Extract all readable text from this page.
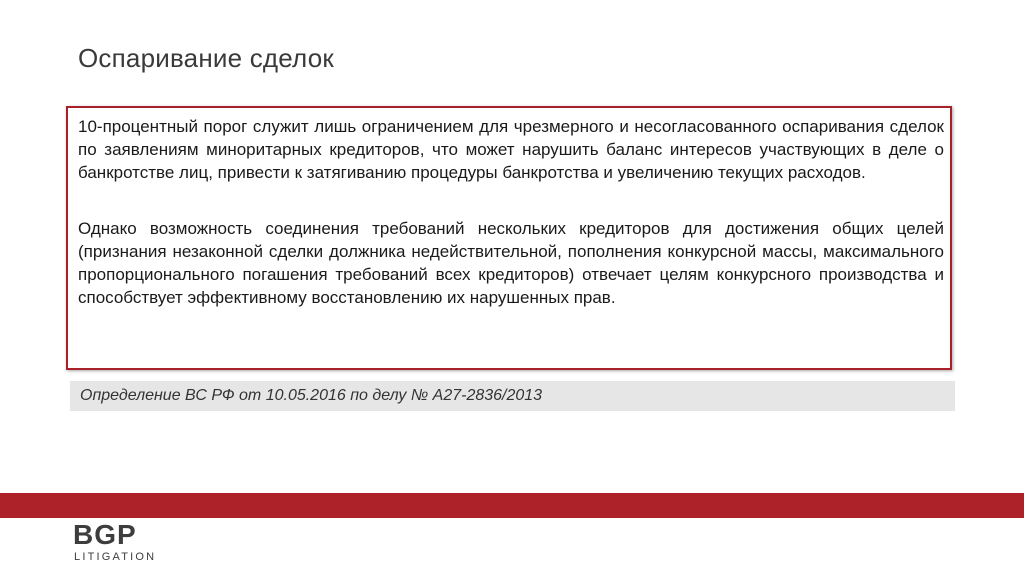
Оспаривание сделок

10-процентный порог служит лишь ограничением для чрезмерного и несогласованного оспаривания сделок по заявлениям миноритарных кредиторов, что может нарушить баланс интересов участвующих в деле о банкротстве лиц, привести к затягиванию процедуры банкротства и увеличению текущих расходов.

Однако возможность соединения требований нескольких кредиторов для достижения общих целей (признания незаконной сделки должника недействительной, пополнения конкурсной массы, максимального пропорционального погашения требований всех кредиторов) отвечает целям конкурсного производства и способствует эффективному восстановлению их нарушенных прав.

Определение ВС РФ от 10.05.2016 по делу № А27-2836/2013
BGP
LITIGATION
